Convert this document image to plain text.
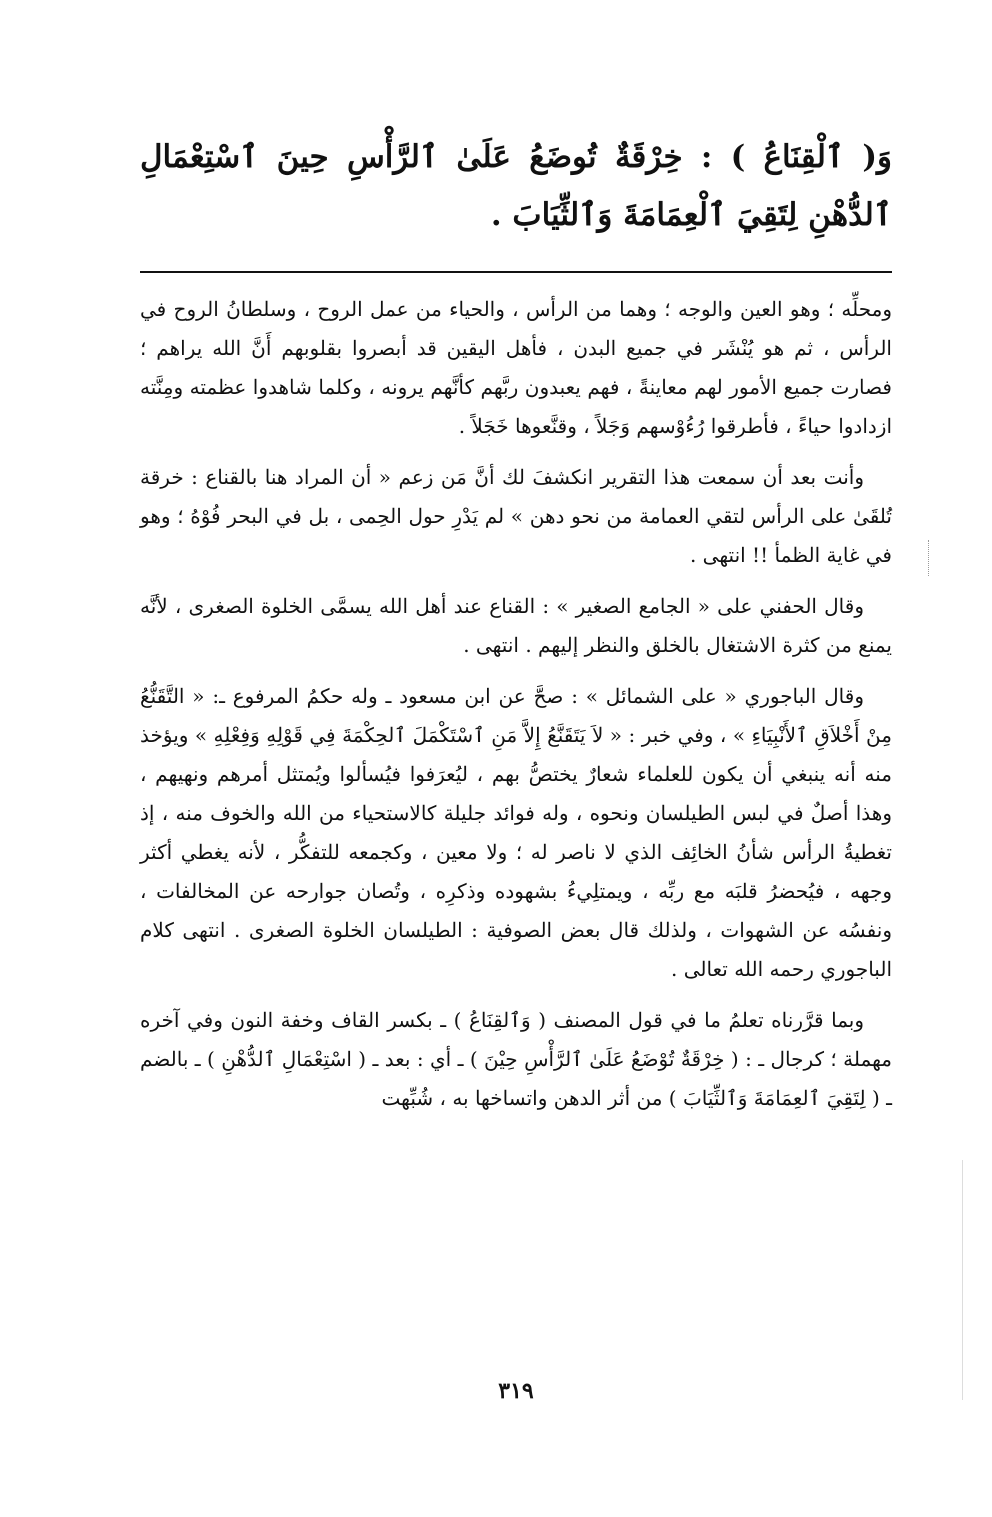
وَ( ٱلْقِنَاعُ ) : خِرْقَةٌ تُوضَعُ عَلَىٰ ٱلرَّأْسِ حِينَ ٱسْتِعْمَالِ ٱلدُّهْنِ لِتَقِيَ ٱلْعِمَامَةَ وَٱلثِّيَابَ .

ومحلِّه ؛ وهو العين والوجه ؛ وهما من الرأس ، والحياء من عمل الروح ، وسلطانُ الروح في الرأس ، ثم هو يُنْشَر في جميع البدن ، فأهل اليقين قد أبصروا بقلوبهم أَنَّ الله يراهم ؛ فصارت جميع الأمور لهم معاينةً ، فهم يعبدون ربَّهم كأنَّهم يرونه ، وكلما شاهدوا عظمته ومِنَّته ازدادوا حياءً ، فأطرقوا رُءُوْسهم وَجَلاً ، وقنَّعوها خَجَلاً .

وأنت بعد أن سمعت هذا التقرير انكشفَ لك أنَّ مَن زعم « أن المراد هنا بالقناع : خرقة تُلقَىٰ على الرأس لتقي العمامة من نحو دهن » لم يَدْرِ حول الحِمى ، بل في البحر فُوْهُ ؛ وهو في غاية الظمأ !! انتهى .

وقال الحفني على « الجامع الصغير » : القناع عند أهل الله يسمَّى الخلوة الصغرى ، لأنَّه يمنع من كثرة الاشتغال بالخلق والنظر إليهم . انتهى .

وقال الباجوري « على الشمائل » : صحَّ عن ابن مسعود ـ وله حكمُ المرفوع ـ: « التَّقَنُّعُ مِنْ أَخْلاَقِ ٱلأَنْبِيَاءِ » ، وفي خبر : « لاَ يَتَقَنَّعُ إِلاَّ مَنِ ٱسْتَكْمَلَ ٱلحِكْمَةَ فِي قَوْلِهِ وَفِعْلِهِ » ويؤخذ منه أنه ينبغي أن يكون للعلماء شعارٌ يختصُّ بهم ، ليُعرَفوا فيُسألوا ويُمتثل أمرهم ونهيهم ، وهذا أصلٌ في لبس الطيلسان ونحوه ، وله فوائد جليلة كالاستحياء من الله والخوف منه ، إذ تغطيةُ الرأس شأنُ الخائِف الذي لا ناصر له ؛ ولا معين ، وكجمعه للتفكُّر ، لأنه يغطي أكثر وجهه ، فيُحضرُ قلبَه مع ربِّه ، ويمتلِيءُ بشهوده وذكرِه ، وتُصان جوارحه عن المخالفات ، ونفسُه عن الشهوات ، ولذلك قال بعض الصوفية : الطيلسان الخلوة الصغرى . انتهى كلام الباجوري رحمه الله تعالى .

وبما قرَّرناه تعلمُ ما في قول المصنف ( وَٱلقِنَاعُ ) ـ بكسر القاف وخفة النون وفي آخره مهملة ؛ كرجال ـ : ( خِرْقَةٌ تُوْضَعُ عَلَىٰ ٱلرَّأْسِ حِيْنَ ) ـ أي : بعد ـ ( اسْتِعْمَالِ ٱلدُّهْنِ ) ـ بالضم ـ ( لِتَقِيَ ٱلعِمَامَةَ وَٱلثِّيَابَ ) من أثر الدهن واتساخها به ، شُبِّهت

٣١٩
